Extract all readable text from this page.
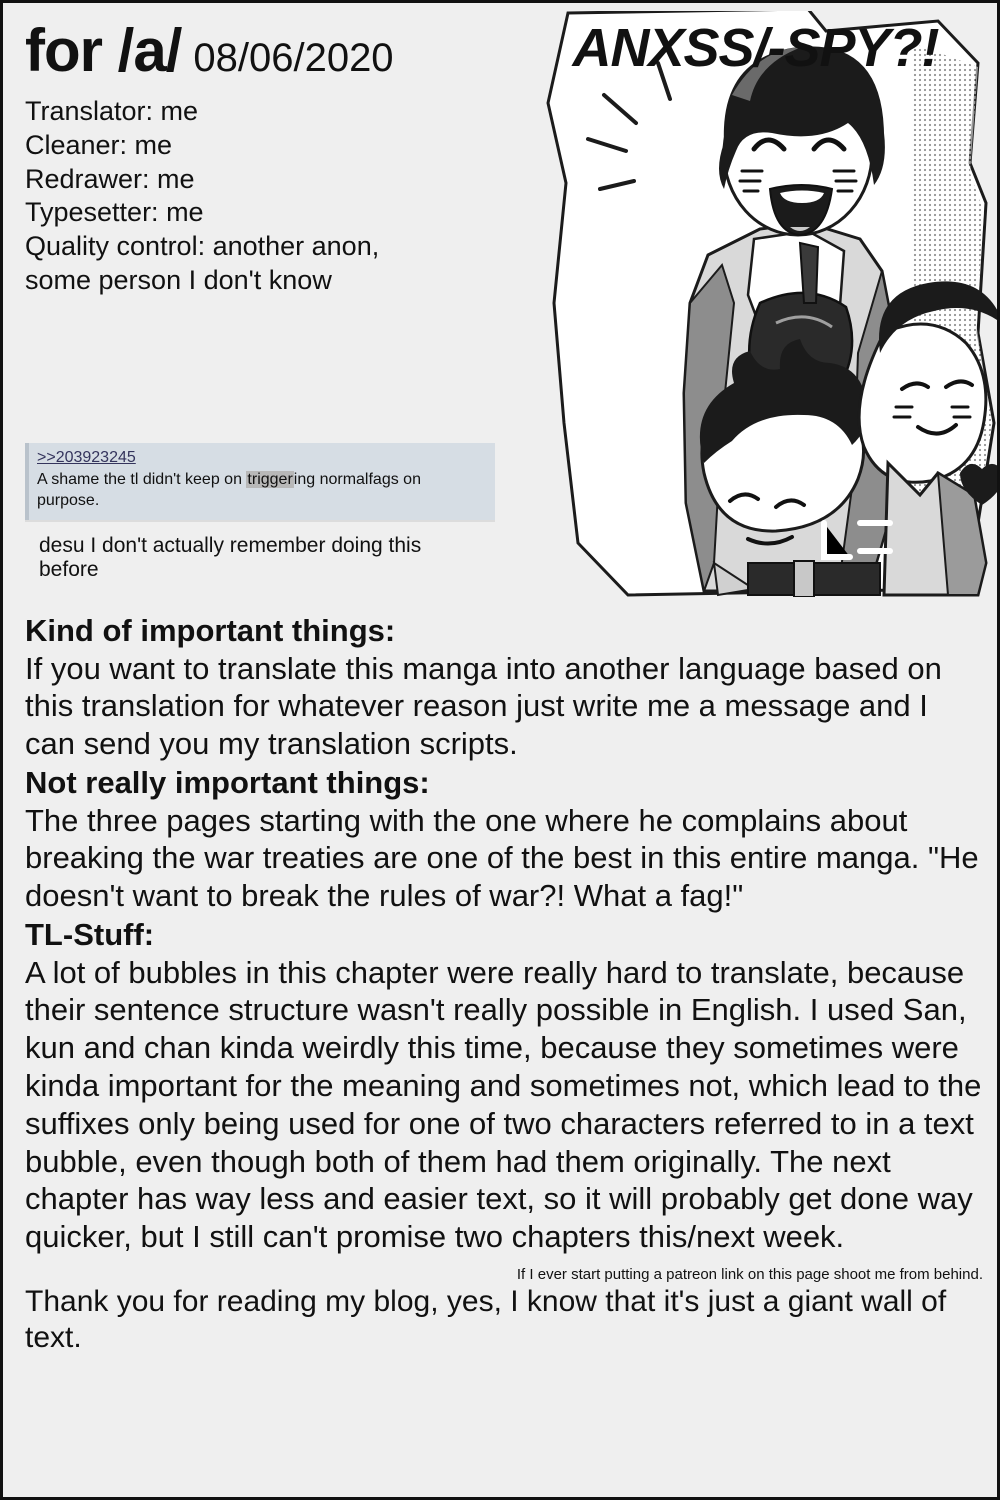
for /a/ 08/06/2020
Translator: me
Cleaner: me
Redrawer: me
Typesetter: me
Quality control: another anon,
some person I don't know
>>203923245
A shame the tl didn't keep on triggering normalfags on purpose.
desu I don't actually remember doing this
before
ANXSS/-SPY?!
Kind of important things:
If you want to translate this manga into another language based on this translation for whatever reason just write me a message and I can send you my translation scripts.
Not really important things:
The three pages starting with the one where he complains about breaking the war treaties are one of the best in this entire manga. "He doesn't want to break the rules of war?! What a fag!"
TL-Stuff:
A lot of bubbles in this chapter were really hard to translate, because their sentence structure wasn't really possible in English. I used San, kun and chan kinda weirdly this time, because they sometimes were kinda important for the meaning and sometimes not, which lead to the suffixes only being used for one of two characters referred to in a text bubble, even though both of them had them originally. The next chapter has way less and easier text, so it will probably get done way quicker, but I still can't promise two chapters this/next week.
If I ever start putting a patreon link on this page shoot me from behind.
Thank you for reading my blog, yes, I know that it's just a giant wall of text.
